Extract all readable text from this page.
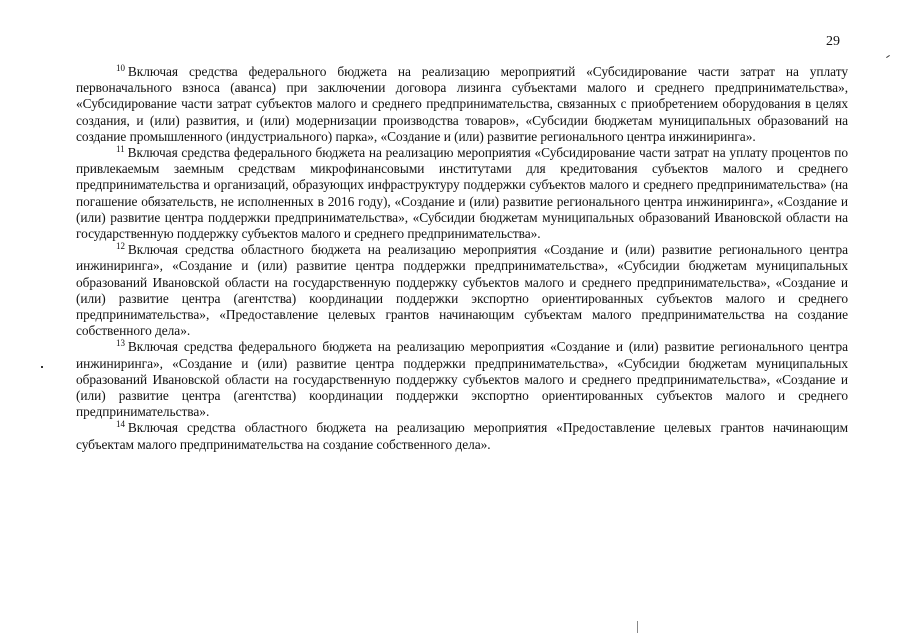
29

$^{10}$ Включая средства федерального бюджета на реализацию мероприятий «Субсидирование части затрат на уплату первоначального взноса (аванса) при заключении договора лизинга субъектами малого и среднего предпринимательства», «Субсидирование части затрат субъектов малого и среднего предпринимательства, связанных с приобретением оборудования в целях создания, и (или) развития, и (или) модернизации производства товаров», «Субсидии бюджетам муниципальных образований на создание промышленного (индустриального) парка», «Создание и (или) развитие регионального центра инжиниринга».

$^{11}$ Включая средства федерального бюджета на реализацию мероприятия «Субсидирование части затрат на уплату процентов по привлекаемым заемным средствам микрофинансовыми институтами для кредитования субъектов малого и среднего предпринимательства и организаций, образующих инфраструктуру поддержки субъектов малого и среднего предпринимательства» (на погашение обязательств, не исполненных в 2016 году), «Создание и (или) развитие регионального центра инжиниринга», «Создание и (или) развитие центра поддержки предпринимательства», «Субсидии бюджетам муниципальных образований Ивановской области на государственную поддержку субъектов малого и среднего предпринимательства».

$^{12}$ Включая средства областного бюджета на реализацию мероприятия «Создание и (или) развитие регионального центра инжиниринга», «Создание и (или) развитие центра поддержки предпринимательства», «Субсидии бюджетам муниципальных образований Ивановской области на государственную поддержку субъектов малого и среднего предпринимательства», «Создание и (или) развитие центра (агентства) координации поддержки экспортно ориентированных субъектов малого и среднего предпринимательства», «Предоставление целевых грантов начинающим субъектам малого предпринимательства на создание собственного дела».

$^{13}$ Включая средства федерального бюджета на реализацию мероприятия «Создание и (или) развитие регионального центра инжиниринга», «Создание и (или) развитие центра поддержки предпринимательства», «Субсидии бюджетам муниципальных образований Ивановской области на государственную поддержку субъектов малого и среднего предпринимательства», «Создание и (или) развитие центра (агентства) координации поддержки экспортно ориентированных субъектов малого и среднего предпринимательства».

$^{14}$ Включая средства областного бюджета на реализацию мероприятия «Предоставление целевых грантов начинающим субъектам малого предпринимательства на создание собственного дела».
